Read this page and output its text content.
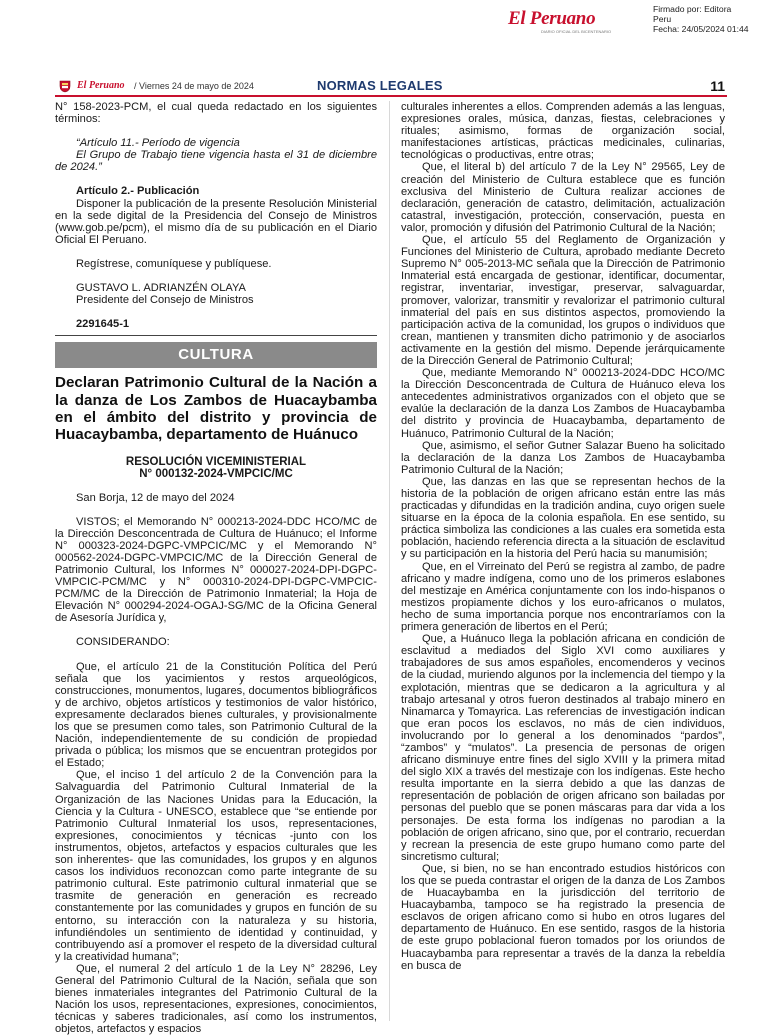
El Peruano
DIARIO OFICIAL DEL BICENTENARIO
Firmado por: Editora
Peru
Fecha: 24/05/2024 01:44
El Peruano / Viernes 24 de mayo de 2024	NORMAS LEGALES	11

N° 158-2023-PCM, el cual queda redactado en los siguientes términos:

“Artículo 11.- Período de vigencia

El Grupo de Trabajo tiene vigencia hasta el 31 de diciembre de 2024.”

Artículo 2.- Publicación

Disponer la publicación de la presente Resolución Ministerial en la sede digital de la Presidencia del Consejo de Ministros (www.gob.pe/pcm), el mismo día de su publicación en el Diario Oficial El Peruano.

Regístrese, comuníquese y publíquese.

GUSTAVO L. ADRIANZÉN OLAYA

Presidente del Consejo de Ministros

2291645-1

CULTURA
Declaran Patrimonio Cultural de la Nación a la danza de Los Zambos de Huacaybamba en el ámbito del distrito y provincia de Huacaybamba, departamento de Huánuco
RESOLUCIÓN VICEMINISTERIAL
N° 000132-2024-VMPCIC/MC

San Borja, 12 de mayo del 2024

VISTOS; el Memorando N° 000213-2024-DDC HCO/MC de la Dirección Desconcentrada de Cultura de Huánuco; el Informe N° 000323-2024-DGPC-VMPCIC/MC y el Memorando N° 000562-2024-DGPC-VMPCIC/MC de la Dirección General de Patrimonio Cultural, los Informes N° 000027-2024-DPI-DGPC-VMPCIC-PCM/MC y N° 000310-2024-DPI-DGPC-VMPCIC-PCM/MC de la Dirección de Patrimonio Inmaterial; la Hoja de Elevación N° 000294-2024-OGAJ-SG/MC de la Oficina General de Asesoría Jurídica y,

CONSIDERANDO:

Que, el artículo 21 de la Constitución Política del Perú señala que los yacimientos y restos arqueológicos, construcciones, monumentos, lugares, documentos bibliográficos y de archivo, objetos artísticos y testimonios de valor histórico, expresamente declarados bienes culturales, y provisionalmente los que se presumen como tales, son Patrimonio Cultural de la Nación, independientemente de su condición de propiedad privada o pública; los mismos que se encuentran protegidos por el Estado;

Que, el inciso 1 del artículo 2 de la Convención para la Salvaguardia del Patrimonio Cultural Inmaterial de la Organización de las Naciones Unidas para la Educación, la Ciencia y la Cultura - UNESCO, establece que “se entiende por Patrimonio Cultural Inmaterial los usos, representaciones, expresiones, conocimientos y técnicas -junto con los instrumentos, objetos, artefactos y espacios culturales que les son inherentes- que las comunidades, los grupos y en algunos casos los individuos reconozcan como parte integrante de su patrimonio cultural. Este patrimonio cultural inmaterial que se trasmite de generación en generación es recreado constantemente por las comunidades y grupos en función de su entorno, su interacción con la naturaleza y su historia, infundiéndoles un sentimiento de identidad y continuidad, y contribuyendo así a promover el respeto de la diversidad cultural y la creatividad humana”;

Que, el numeral 2 del artículo 1 de la Ley N° 28296, Ley General del Patrimonio Cultural de la Nación, señala que son bienes inmateriales integrantes del Patrimonio Cultural de la Nación los usos, representaciones, expresiones, conocimientos, técnicas y saberes tradicionales, así como los instrumentos, objetos, artefactos y espacios

culturales inherentes a ellos. Comprenden además a las lenguas, expresiones orales, música, danzas, fiestas, celebraciones y rituales; asimismo, formas de organización social, manifestaciones artísticas, prácticas medicinales, culinarias, tecnológicas o productivas, entre otras;

Que, el literal b) del artículo 7 de la Ley N° 29565, Ley de creación del Ministerio de Cultura establece que es función exclusiva del Ministerio de Cultura realizar acciones de declaración, generación de catastro, delimitación, actualización catastral, investigación, protección, conservación, puesta en valor, promoción y difusión del Patrimonio Cultural de la Nación;

Que, el artículo 55 del Reglamento de Organización y Funciones del Ministerio de Cultura, aprobado mediante Decreto Supremo N° 005-2013-MC señala que la Dirección de Patrimonio Inmaterial está encargada de gestionar, identificar, documentar, registrar, inventariar, investigar, preservar, salvaguardar, promover, valorizar, transmitir y revalorizar el patrimonio cultural inmaterial del país en sus distintos aspectos, promoviendo la participación activa de la comunidad, los grupos o individuos que crean, mantienen y transmiten dicho patrimonio y de asociarlos activamente en la gestión del mismo. Depende jerárquicamente de la Dirección General de Patrimonio Cultural;

Que, mediante Memorando N° 000213-2024-DDC HCO/MC la Dirección Desconcentrada de Cultura de Huánuco eleva los antecedentes administrativos organizados con el objeto que se evalúe la declaración de la danza Los Zambos de Huacaybamba del distrito y provincia de Huacaybamba, departamento de Huánuco, Patrimonio Cultural de la Nación;

Que, asimismo, el señor Gutner Salazar Bueno ha solicitado la declaración de la danza Los Zambos de Huacaybamba Patrimonio Cultural de la Nación;

Que, las danzas en las que se representan hechos de la historia de la población de origen africano están entre las más practicadas y difundidas en la tradición andina, cuyo origen suele situarse en la época de la colonia española. En ese sentido, su práctica simboliza las condiciones a las cuales era sometida esta población, haciendo referencia directa a la situación de esclavitud y su participación en la historia del Perú hacia su manumisión;

Que, en el Virreinato del Perú se registra al zambo, de padre africano y madre indígena, como uno de los primeros eslabones del mestizaje en América conjuntamente con los indo-hispanos o mestizos propiamente dichos y los euro-africanos o mulatos, hecho de suma importancia porque nos encontraríamos con la primera generación de libertos en el Perú;

Que, a Huánuco llega la población africana en condición de esclavitud a mediados del Siglo XVI como auxiliares y trabajadores de sus amos españoles, encomenderos y vecinos de la ciudad, muriendo algunos por la inclemencia del tiempo y la explotación, mientras que se dedicaron a la agricultura y al trabajo artesanal y otros fueron destinados al trabajo minero en Ninamarca y Tomayrica. Las referencias de investigación indican que eran pocos los esclavos, no más de cien individuos, involucrando por lo general a los denominados “pardos”, “zambos” y “mulatos”. La presencia de personas de origen africano disminuye entre fines del siglo XVIII y la primera mitad del siglo XIX a través del mestizaje con los indígenas. Este hecho resulta importante en la sierra debido a que las danzas de representación de población de origen africano son bailadas por personas del pueblo que se ponen máscaras para dar vida a los personajes. De esta forma los indígenas no parodian a la población de origen africano, sino que, por el contrario, recuerdan y recrean la presencia de este grupo humano como parte del sincretismo cultural;

Que, si bien, no se han encontrado estudios históricos con los que se pueda contrastar el origen de la danza de Los Zambos de Huacaybamba en la jurisdicción del territorio de Huacaybamba, tampoco se ha registrado la presencia de esclavos de origen africano como si hubo en otros lugares del departamento de Huánuco. En ese sentido, rasgos de la historia de este grupo poblacional fueron tomados por los oriundos de Huacaybamba para representar a través de la danza la rebeldía en busca de
